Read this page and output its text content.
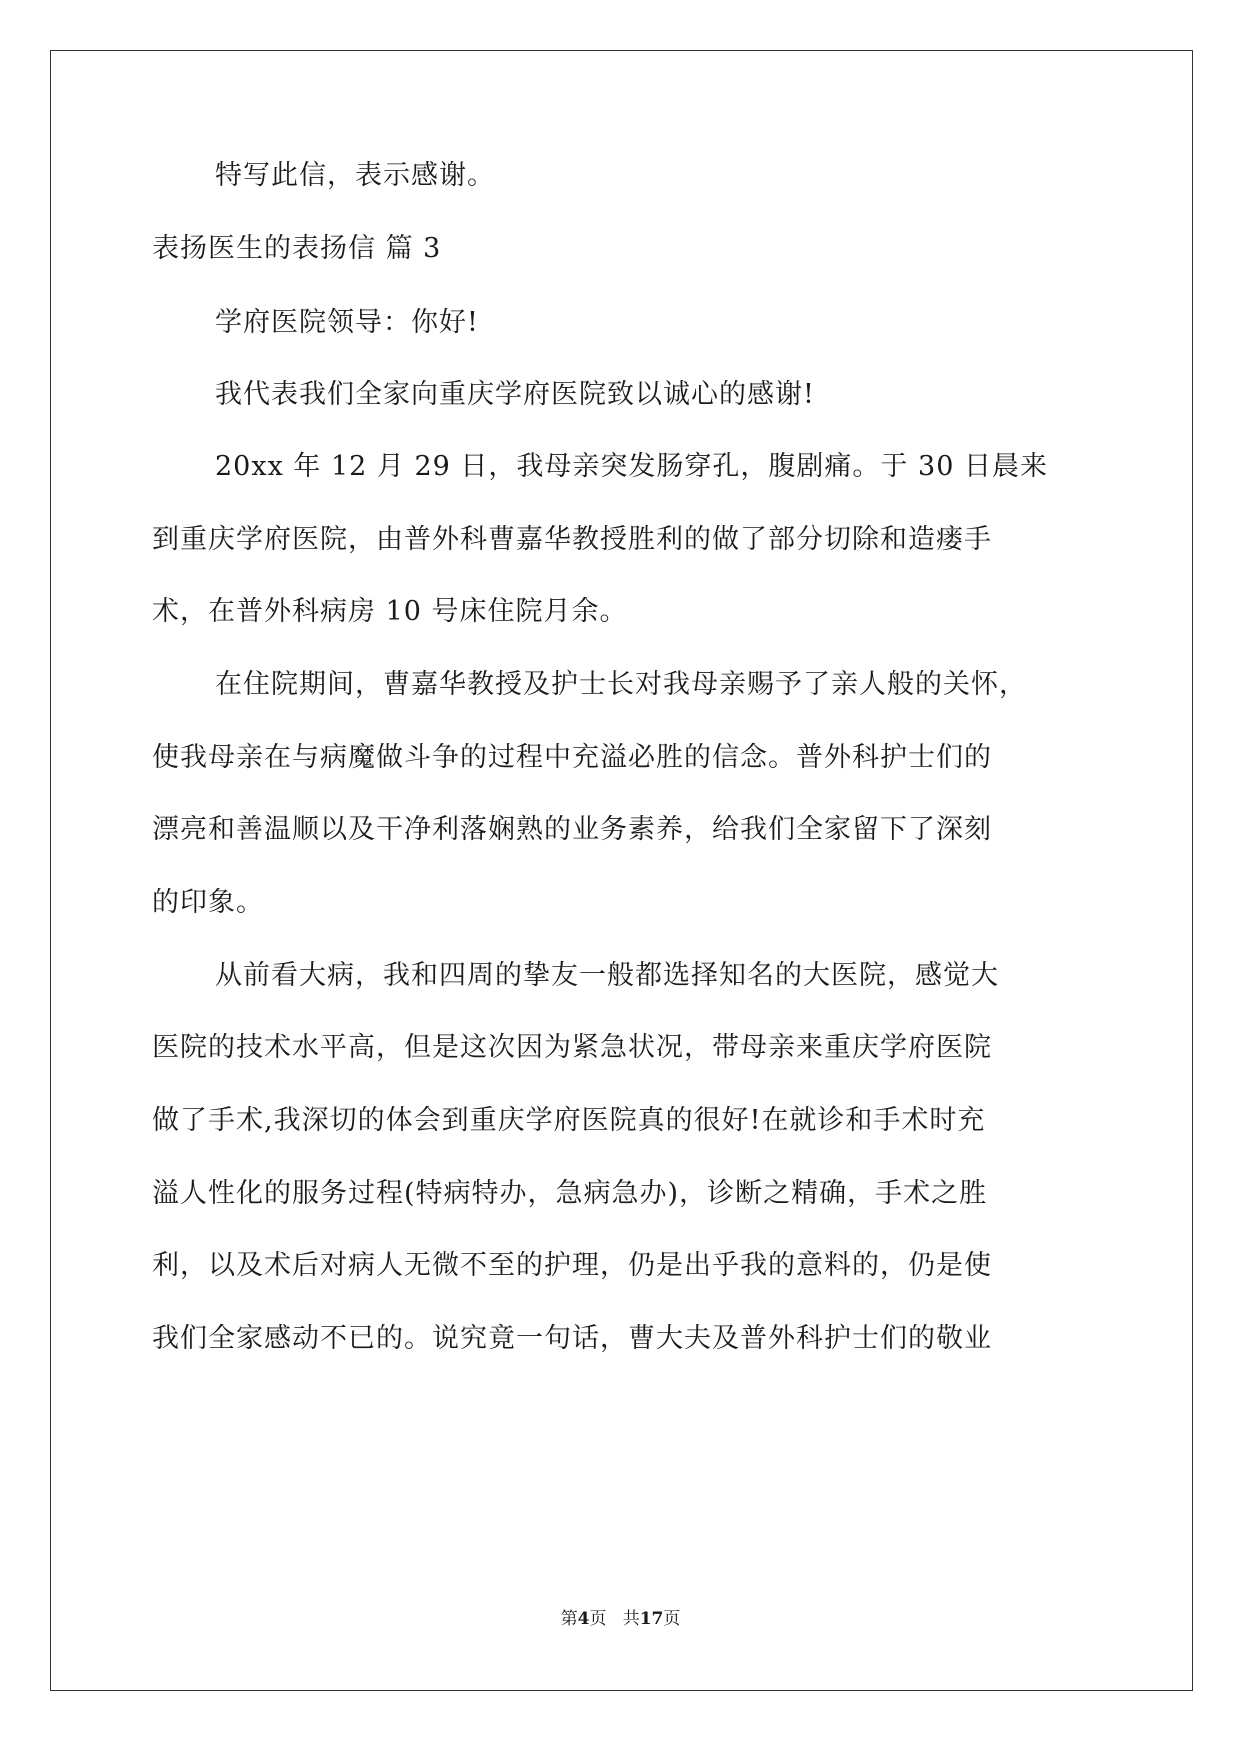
特写此信，表示感谢。
表扬医生的表扬信 篇 3
学府医院领导：你好!
我代表我们全家向重庆学府医院致以诚心的感谢!
20xx 年 12 月 29 日，我母亲突发肠穿孔，腹剧痛。于 30 日晨来
到重庆学府医院，由普外科曹嘉华教授胜利的做了部分切除和造瘘手
术，在普外科病房 10 号床住院月余。
在住院期间，曹嘉华教授及护士长对我母亲赐予了亲人般的关怀，
使我母亲在与病魔做斗争的过程中充溢必胜的信念。普外科护士们的
漂亮和善温顺以及干净利落娴熟的业务素养，给我们全家留下了深刻
的印象。
从前看大病，我和四周的挚友一般都选择知名的大医院，感觉大
医院的技术水平高，但是这次因为紧急状况，带母亲来重庆学府医院
做了手术,我深切的体会到重庆学府医院真的很好!在就诊和手术时充
溢人性化的服务过程(特病特办，急病急办)，诊断之精确，手术之胜
利，以及术后对病人无微不至的护理，仍是出乎我的意料的，仍是使
我们全家感动不已的。说究竟一句话，曹大夫及普外科护士们的敬业
第4页 共17页
